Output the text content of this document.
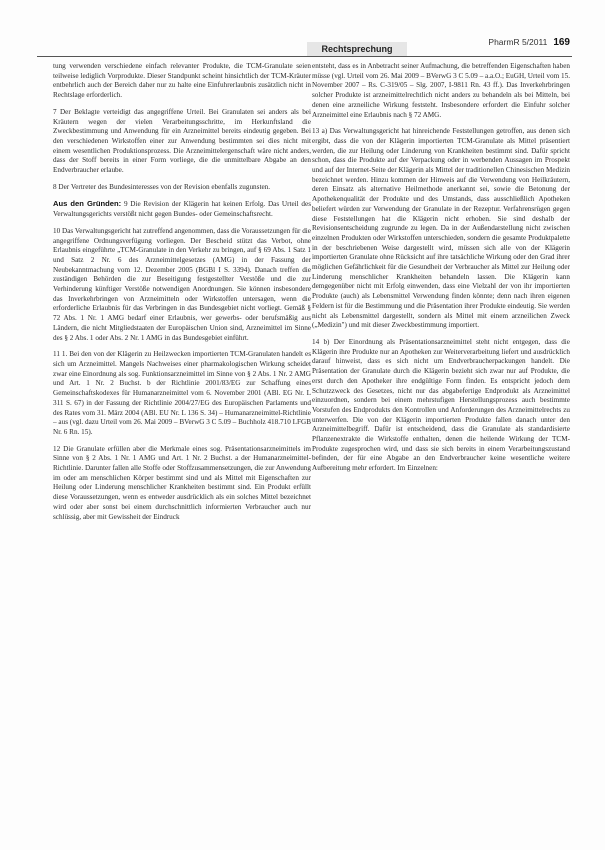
Rechtsprechung
PharmR 5/2011 169

tung verwenden verschiedene einfach relevanter Produkte, die TCM-Granulate seien teilweise lediglich Vorprodukte. Dieser Standpunkt scheint hinsichtlich der TCM-Kräuter entbehrlich auch der Bereich daher nur zu halte eine Einfuhrerlaubnis zusätzlich nicht in Rechtslage erforderlich.

7 Der Beklagte verteidigt das angegriffene Urteil. Bei Granulaten sei anders als bei Kräutern wegen der vielen Verarbeitungsschritte, im Herkunftsland die Zweckbestimmung und Anwendung für ein Arzneimittel bereits eindeutig gegeben. Bei den verschiedenen Wirkstoffen einer zur Anwendung bestimmten sei dies nicht mit einem wesentlichen Produktionsprozess. Die Arzneimittelergenschaft wäre nicht anders, dass der Stoff bereits in einer Form vorliege, die die unmittelbare Abgabe an den Endverbraucher erlaube.

8 Der Vertreter des Bundesinteresses von der Revision ebenfalls zugunsten.

Aus den Gründen: 9 Die Revision der Klägerin hat keinen Erfolg. Das Urteil des Verwaltungsgerichts verstößt nicht gegen Bundes- oder Gemeinschaftsrecht.

10 Das Verwaltungsgericht hat zutreffend angenommen, dass die Voraussetzungen für die angegriffene Ordnungsverfügung vorliegen. Der Bescheid stützt das Verbot, ohne Erlaubnis eingeführte „TCM-Granulate in den Verkehr zu bringen, auf § 69 Abs. 1 Satz 1 und Satz 2 Nr. 6 des Arzneimittelgesetzes (AMG) in der Fassung der Neubekanntmachung vom 12. Dezember 2005 (BGBl I S. 3394). Danach treffen die zuständigen Behörden die zur Beseitigung festgestellter Verstöße und die zur Verhinderung künftiger Verstöße notwendigen Anordnungen. Sie können insbesondere das Inverkehrbringen von Arzneimitteln oder Wirkstoffen untersagen, wenn die erforderliche Erlaubnis für das Verbringen in das Bundesgebiet nicht vorliegt. Gemäß § 72 Abs. 1 Nr. 1 AMG bedarf einer Erlaubnis, wer gewerbs- oder berufsmäßig aus Ländern, die nicht Mitgliedstaaten der Europäischen Union sind, Arzneimittel im Sinne des § 2 Abs. 1 oder Abs. 2 Nr. 1 AMG in das Bundesgebiet einführt.

11 1. Bei den von der Klägerin zu Heilzwecken importierten TCM-Granulaten handelt es sich um Arzneimittel. Mangels Nachweises einer pharmakologischen Wirkung scheidet zwar eine Einordnung als sog. Funktionsarzneimittel im Sinne von § 2 Abs. 1 Nr. 2 AMG und Art. 1 Nr. 2 Buchst. b der Richtlinie 2001/83/EG zur Schaffung eines Gemeinschaftskodexes für Humanarzneimittel vom 6. November 2001 (ABl. EG Nr. L 311 S. 67) in der Fassung der Richtlinie 2004/27/EG des Europäischen Parlaments und des Rates vom 31. März 2004 (ABl. EU Nr. L 136 S. 34) – Humanarzneimittel-Richtlinie – aus (vgl. dazu Urteil vom 26. Mai 2009 – BVerwG 3 C 5.09 – Buchholz 418.710 LFGB Nr. 6 Rn. 15).

12 Die Granulate erfüllen aber die Merkmale eines sog. Präsentationsarzneimittels im Sinne von § 2 Abs. 1 Nr. 1 AMG und Art. 1 Nr. 2 Buchst. a der Humanarzneimittel-Richtlinie. Darunter fallen alle Stoffe oder Stoffzusammensetzungen, die zur Anwendung im oder am menschlichen Körper bestimmt sind und als Mittel mit Eigenschaften zur Heilung oder Linderung menschlicher Krankheiten bestimmt sind. Ein Produkt erfüllt diese Voraussetzungen, wenn es entweder ausdrücklich als ein solches Mittel bezeichnet wird oder aber sonst bei einem durchschnittlich informierten Verbraucher auch nur schlüssig, aber mit Gewissheit der Eindruck

entsteht, dass es in Anbetracht seiner Aufmachung, die betreffenden Eigenschaften haben müsse (vgl. Urteil vom 26. Mai 2009 – BVerwG 3 C 5.09 – a.a.O.; EuGH, Urteil vom 15. November 2007 – Rs. C-319/05 – Slg. 2007, I-9811 Rn. 43 ff.). Das Inverkehrbringen solcher Produkte ist arzneimittelrechtlich nicht anders zu behandeln als bei Mitteln, bei denen eine arzneiliche Wirkung feststeht. Insbesondere erfordert die Einfuhr solcher Arzneimittel eine Erlaubnis nach § 72 AMG.

13 a) Das Verwaltungsgericht hat hinreichende Feststellungen getroffen, aus denen sich ergibt, dass die von der Klägerin importierten TCM-Granulate als Mittel präsentiert werden, die zur Heilung oder Linderung von Krankheiten bestimmt sind. Dafür spricht schon, dass die Produkte auf der Verpackung oder in werbenden Aussagen im Prospekt und auf der Internet-Seite der Klägerin als Mittel der traditionellen Chinesischen Medizin bezeichnet werden. Hinzu kommen der Hinweis auf die Verwendung von Heilkräutern, deren Einsatz als alternative Heilmethode anerkannt sei, sowie die Betonung der Apothekenqualität der Produkte und des Umstands, dass ausschließlich Apotheken beliefert würden zur Verwendung der Granulate in der Rezeptur. Verfahrensrügen gegen diese Feststellungen hat die Klägerin nicht erhoben. Sie sind deshalb der Revisionsentscheidung zugrunde zu legen. Da in der Außendarstellung nicht zwischen einzelnen Produkten oder Wirkstoffen unterschieden, sondern die gesamte Produktpalette in der beschriebenen Weise dargestellt wird, müssen sich alle von der Klägerin importierten Granulate ohne Rücksicht auf ihre tatsächliche Wirkung oder den Grad ihrer möglichen Gefährlichkeit für die Gesundheit der Verbraucher als Mittel zur Heilung oder Linderung menschlicher Krankheiten behandeln lassen. Die Klägerin kann demgegenüber nicht mit Erfolg einwenden, dass eine Vielzahl der von ihr importierten Produkte (auch) als Lebensmittel Verwendung finden könnte; denn nach ihren eigenen Feldern ist für die Bestimmung und die Präsentation ihrer Produkte eindeutig. Sie werden nicht als Lebensmittel dargestellt, sondern als Mittel mit einem arzneilichen Zweck („Medizin") und mit dieser Zweckbestimmung importiert.

14 b) Der Einordnung als Präsentationsarzneimittel steht nicht entgegen, dass die Klägerin ihre Produkte nur an Apotheken zur Weiterverarbeitung liefert und ausdrücklich darauf hinweist, dass es sich nicht um Endverbraucherpackungen handelt. Die Präsentation der Granulate durch die Klägerin bezieht sich zwar nur auf Produkte, die erst durch den Apotheker ihre endgültige Form finden. Es entspricht jedoch dem Schutzzweck des Gesetzes, nicht nur das abgabefertige Endprodukt als Arzneimittel einzuordnen, sondern bei einem mehrstufigen Herstellungsprozess auch bestimmte Vorstufen des Endprodukts den Kontrollen und Anforderungen des Arzneimittelrechts zu unterwerfen. Die von der Klägerin importierten Produkte fallen danach unter den Arzneimittelbegriff. Dafür ist entscheidend, dass die Granulate als standardisierte Pflanzenextrakte die Wirkstoffe enthalten, denen die heilende Wirkung der TCM-Produkte zugesprochen wird, und dass sie sich bereits in einem Verarbeitungszustand befinden, der für eine Abgabe an den Endverbraucher keine wesentliche weitere Aufbereitung mehr erfordert. Im Einzelnen:
